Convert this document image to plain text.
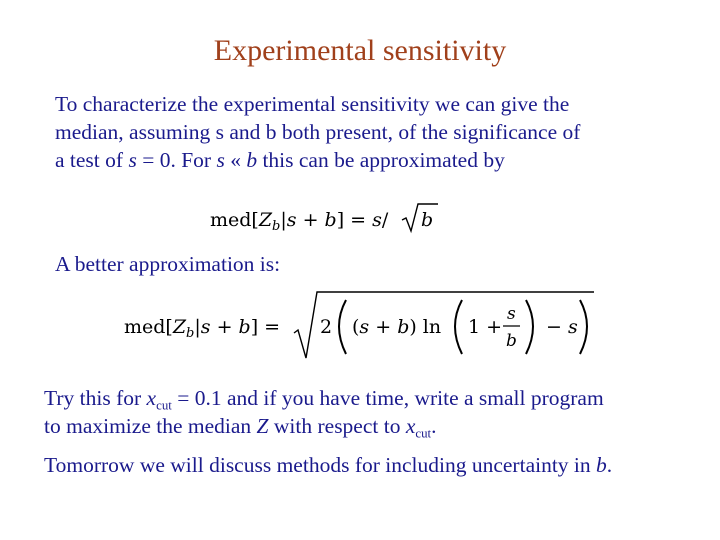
Experimental sensitivity
To characterize the experimental sensitivity we can give the
median, assuming s and b both present, of the significance of
a test of s = 0. For s « b this can be approximated by
$med[Z_b|s + b] = s/$ b
A better approximation is:
$med[Z_b|s + b] = 2$ (s + b) ln 1 +
s
b
− s
Try this for $x_{cut} = 0.1$ and if you have time, write a small program
to maximize the median Z with respect to $x_{cut}$.
Tomorrow we will discuss methods for including uncertainty in b.
